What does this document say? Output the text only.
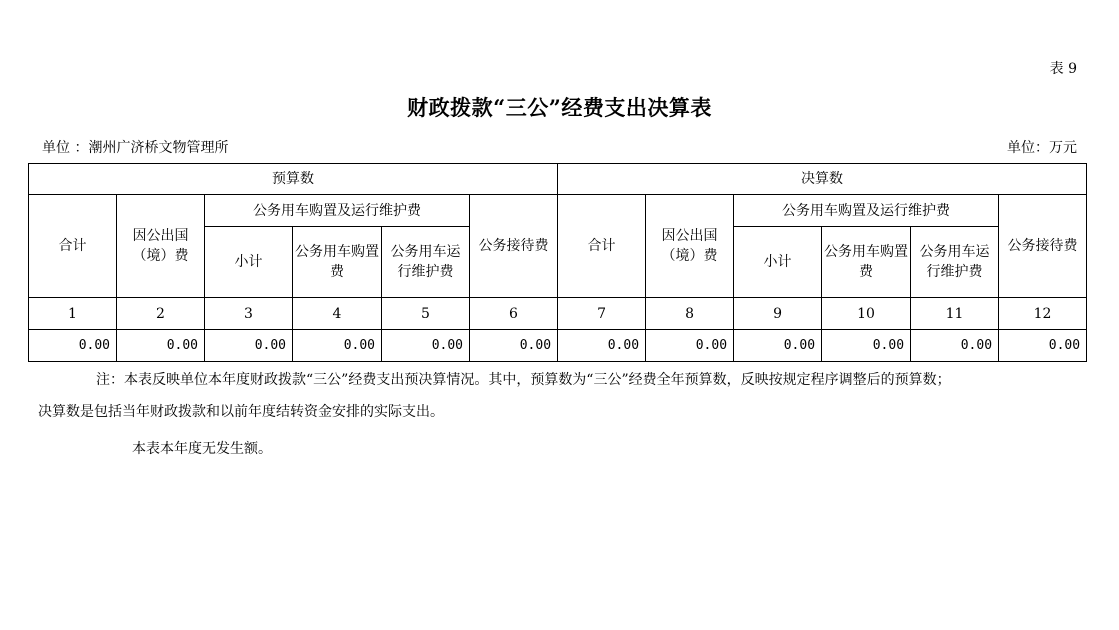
表 9
财政拨款“三公”经费支出决算表
单位 ：潮州广济桥文物管理所	单位：万元
预算数						决算数					
合计	因公出国（境）费	公务用车购置及运行维护费			公务接待费	合计	因公出国（境）费	公务用车购置及运行维护费			公务接待费
		小计	公务用车购置费	公务用车运行维护费				小计	公务用车购置费	公务用车运行维护费	
1	2	3	4	5	6	7	8	9	10	11	12
0.00	0.00	0.00	0.00	0.00	0.00	0.00	0.00	0.00	0.00	0.00	0.00
注：本表反映单位本年度财政拨款“三公”经费支出预决算情况。其中，预算数为“三公”经费全年预算数，反映按规定程序调整后的预算数；
决算数是包括当年财政拨款和以前年度结转资金安排的实际支出。
本表本年度无发生额。
